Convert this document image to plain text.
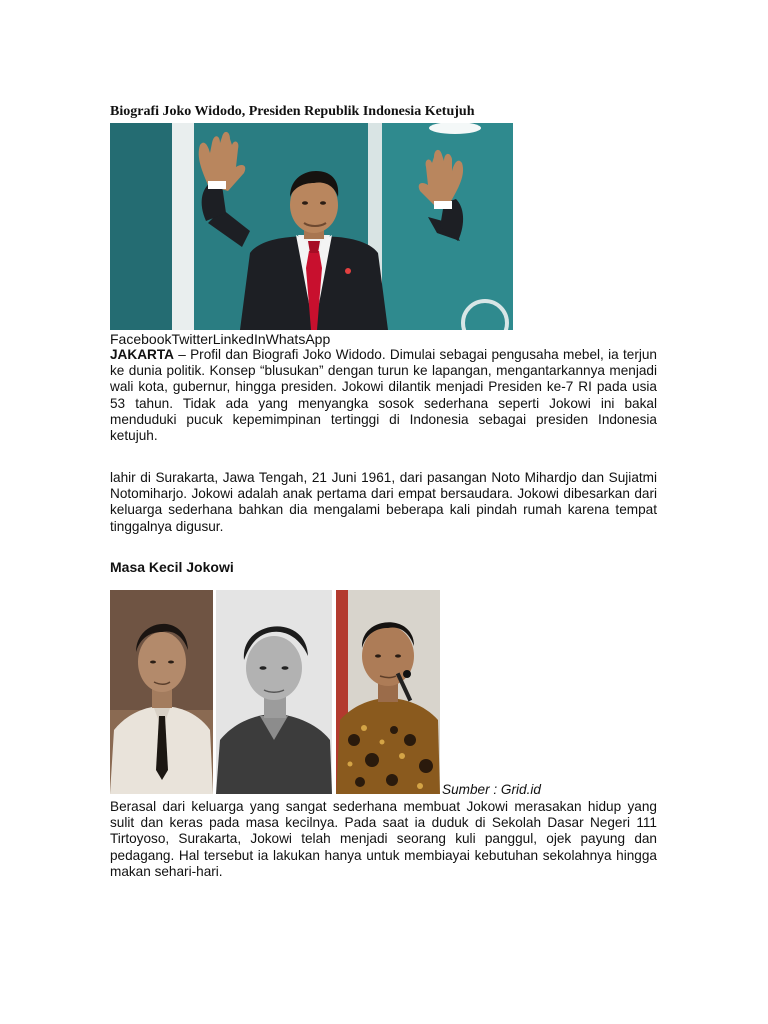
Biografi Joko Widodo, Presiden Republik Indonesia Ketujuh
FacebookTwitterLinkedInWhatsApp
JAKARTA – Profil dan Biografi Joko Widodo. Dimulai sebagai pengusaha mebel, ia terjun ke dunia politik. Konsep “blusukan” dengan turun ke lapangan, mengantarkannya menjadi wali kota, gubernur, hingga presiden. Jokowi dilantik menjadi Presiden ke-7 RI pada usia 53 tahun. Tidak ada yang menyangka sosok sederhana seperti Jokowi ini bakal menduduki pucuk kepemimpinan tertinggi di Indonesia sebagai presiden Indonesia ketujuh.
lahir di Surakarta, Jawa Tengah, 21 Juni 1961, dari pasangan Noto Mihardjo dan Sujiatmi Notomiharjo. Jokowi adalah anak pertama dari empat bersaudara. Jokowi dibesarkan dari keluarga sederhana bahkan dia mengalami beberapa kali pindah rumah karena tempat tinggalnya digusur.
Masa Kecil Jokowi
Sumber : Grid.id
Berasal dari keluarga yang sangat sederhana membuat Jokowi merasakan hidup yang sulit dan keras pada masa kecilnya. Pada saat ia duduk di Sekolah Dasar Negeri 111 Tirtoyoso, Surakarta, Jokowi telah menjadi seorang kuli panggul, ojek payung dan pedagang. Hal tersebut ia lakukan hanya untuk membiayai kebutuhan sekolahnya hingga makan sehari-hari.
